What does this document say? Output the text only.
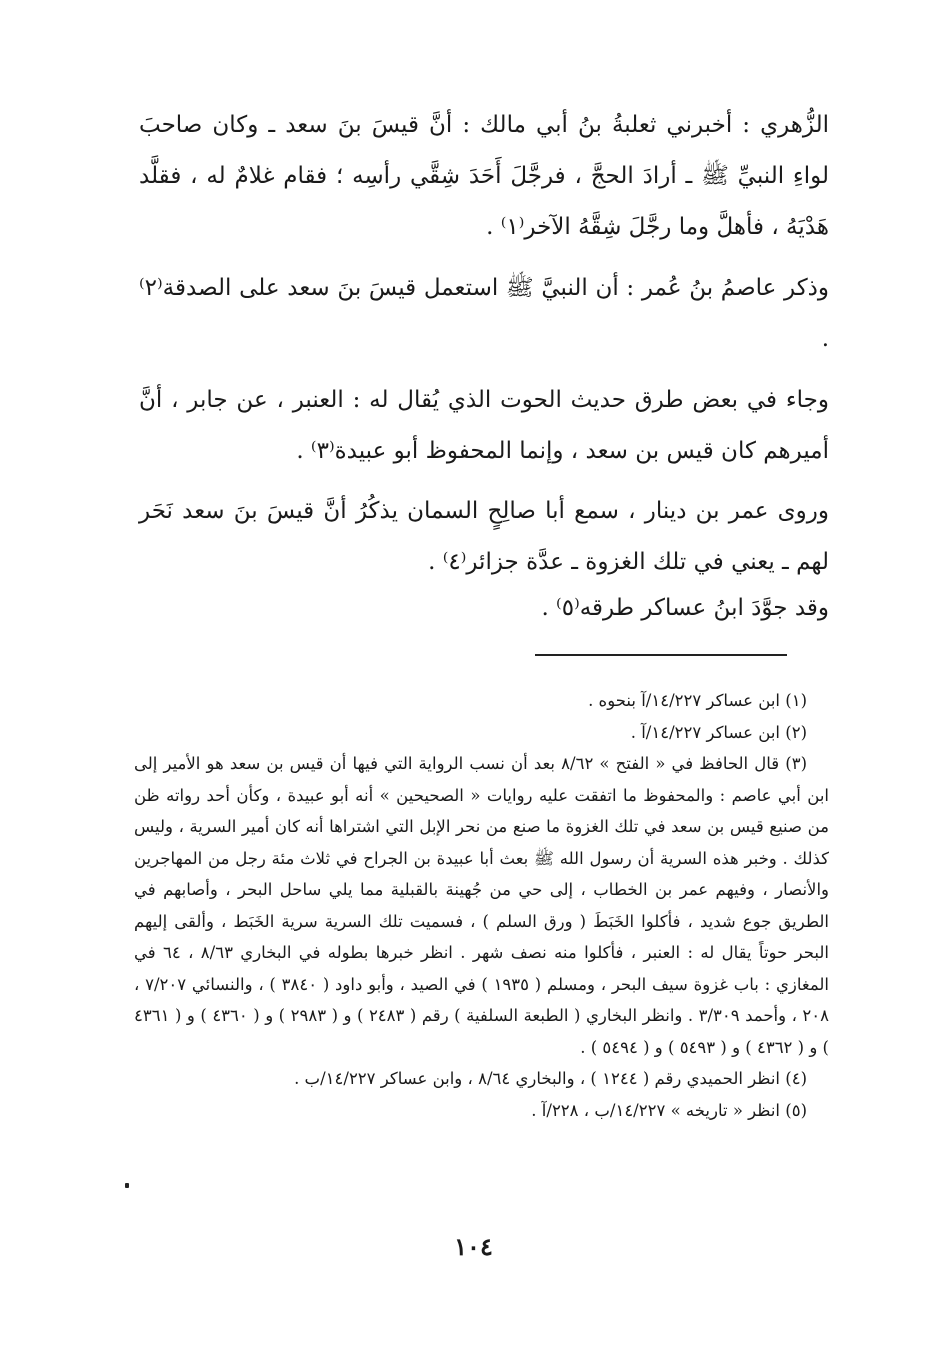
الزُّهري : أخبرني ثعلبةُ بنُ أبي مالك : أنَّ قيسَ بنَ سعد ـ وكان صاحبَ لواءِ النبيِّ ﷺ ـ أرادَ الحجَّ ، فرجَّلَ أَحَدَ شِقَّي رأسِه ؛ فقام غلامٌ له ، فقلَّد هَدْيَهُ ، فأهلَّ وما رجَّلَ شِقَّهُ الآخر⁽١⁾ .

وذكر عاصمُ بنُ عُمر : أن النبيَّ ﷺ استعمل قيسَ بنَ سعد على الصدقة⁽٢⁾ .

وجاء في بعض طرق حديث الحوت الذي يُقال له : العنبر ، عن جابر ، أنَّ أميرهم كان قيس بن سعد ، وإنما المحفوظ أبو عبيدة⁽٣⁾ .

وروى عمر بن دينار ، سمع أبا صالِحٍ السمان يذكُرُ أنَّ قيسَ بنَ سعد نَحَر لهم ـ يعني في تلك الغزوة ـ عدَّة جزائر⁽٤⁾ .

وقد جوَّدَ ابنُ عساكر طرقه⁽٥⁾ .

(١) ابن عساكر ١٤/٢٢٧/آ بنحوه .

(٢) ابن عساكر ١٤/٢٢٧/آ .

(٣) قال الحافظ في « الفتح » ٨/٦٢ بعد أن نسب الرواية التي فيها أن قيس بن سعد هو الأمير إلى ابن أبي عاصم : والمحفوظ ما اتفقت عليه روايات « الصحيحين » أنه أبو عبيدة ، وكأن أحد رواته ظن من صنيع قيس بن سعد في تلك الغزوة ما صنع من نحر الإبل التي اشتراها أنه كان أمير السرية ، وليس كذلك . وخبر هذه السرية أن رسول الله ﷺ بعث أبا عبيدة بن الجراح في ثلاث مئة رجل من المهاجرين والأنصار ، وفيهم عمر بن الخطاب ، إلى حي من جُهينة بالقبلية مما يلي ساحل البحر ، وأصابهم في الطريق جوع شديد ، فأكلوا الخَبَطَ ( ورق السلم ) ، فسميت تلك السرية سرية الخَبَط ، وألقى إليهم البحر حوتاً يقال له : العنبر ، فأكلوا منه نصف شهر . انظر خبرها بطوله في البخاري ٨/٦٣ ، ٦٤ في المغازي : باب غزوة سيف البحر ، ومسلم ( ١٩٣٥ ) في الصيد ، وأبو داود ( ٣٨٤٠ ) ، والنسائي ٧/٢٠٧ ، ٢٠٨ ، وأحمد ٣/٣٠٩ . وانظر البخاري ( الطبعة السلفية ) رقم ( ٢٤٨٣ ) و ( ٢٩٨٣ ) و ( ٤٣٦٠ ) و ( ٤٣٦١ ) و ( ٤٣٦٢ ) و ( ٥٤٩٣ ) و ( ٥٤٩٤ ) .

(٤) انظر الحميدي رقم ( ١٢٤٤ ) ، والبخاري ٨/٦٤ ، وابن عساكر ١٤/٢٢٧/ب .

(٥) انظر « تاريخه » ١٤/٢٢٧/ب ، ٢٢٨/آ .

١٠٤
